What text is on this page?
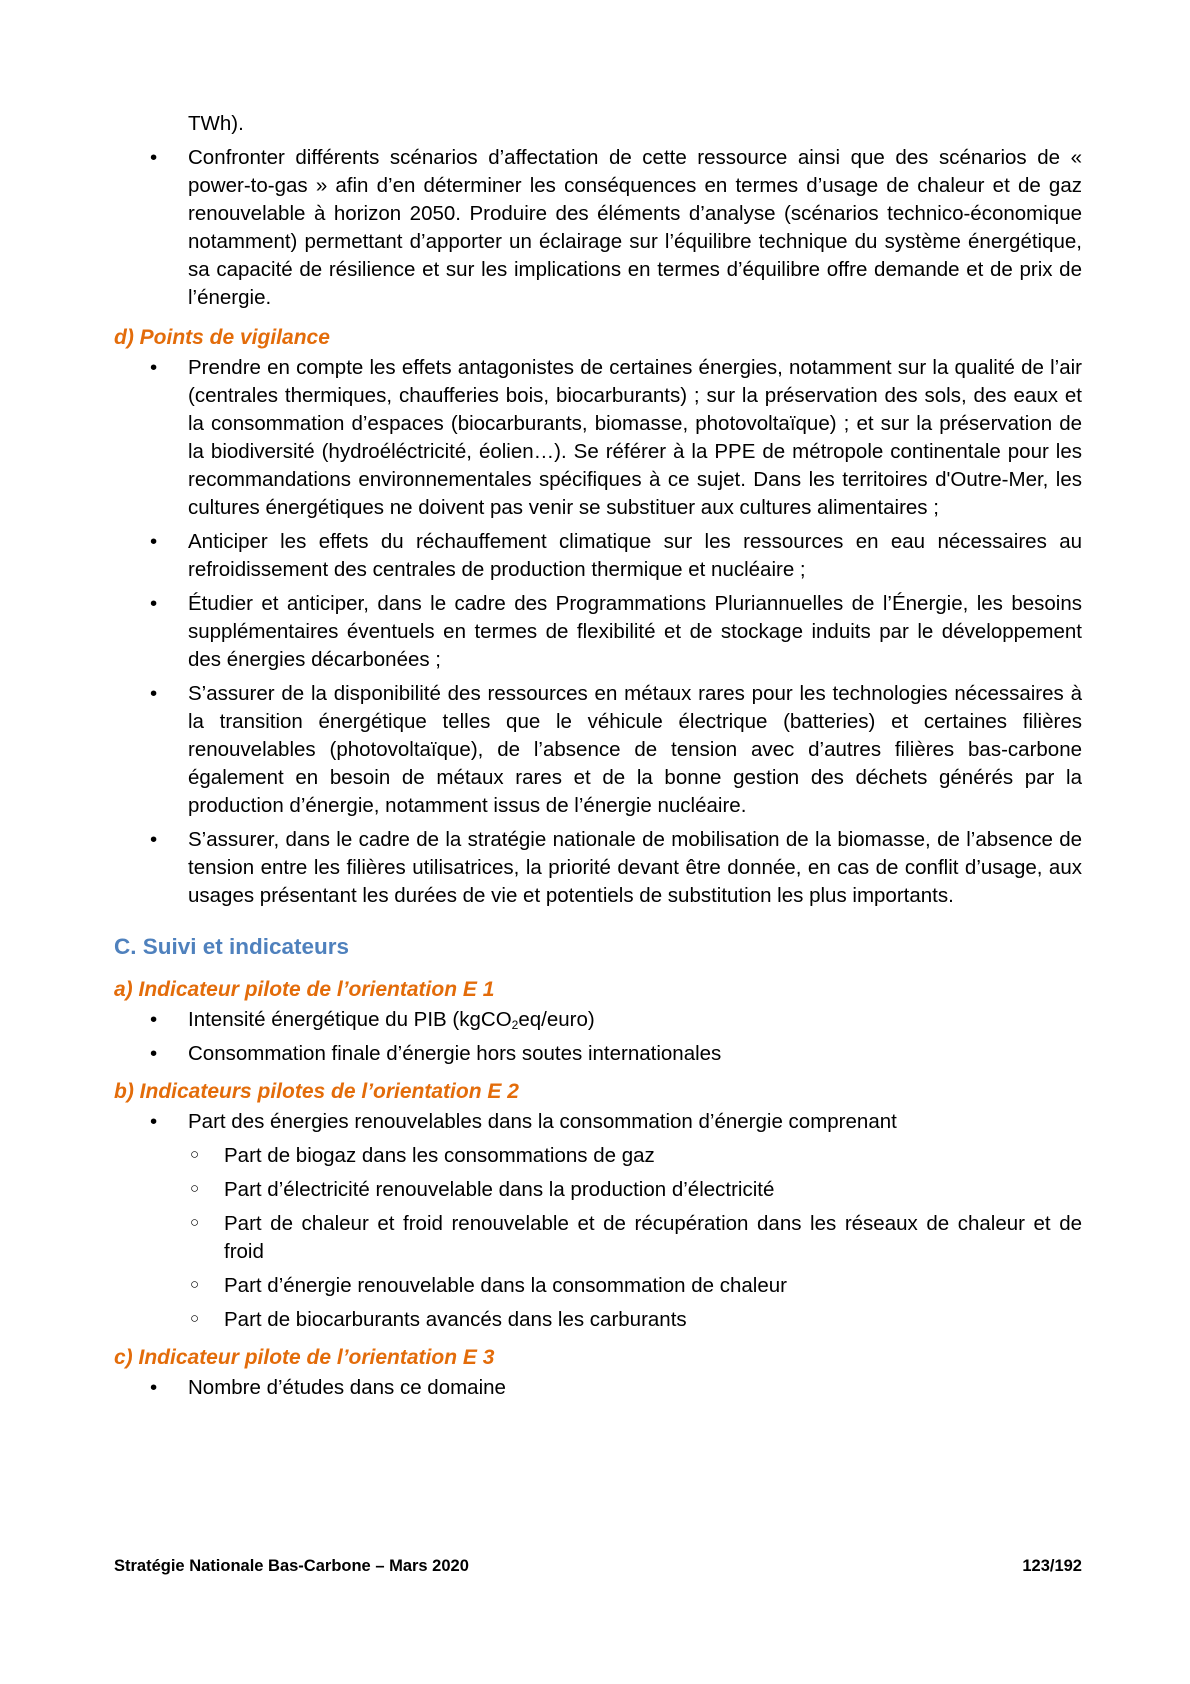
TWh).
• Confronter différents scénarios d’affectation de cette ressource ainsi que des scénarios de « power-to-gas » afin d’en déterminer les conséquences en termes d’usage de chaleur et de gaz renouvelable à horizon 2050. Produire des éléments d’analyse (scénarios technico-économique notamment) permettant d’apporter un éclairage sur l’équilibre technique du système énergétique, sa capacité de résilience et sur les implications en termes d’équilibre offre demande et de prix de l’énergie.
d) Points de vigilance
• Prendre en compte les effets antagonistes de certaines énergies, notamment sur la qualité de l’air (centrales thermiques, chaufferies bois, biocarburants) ; sur la préservation des sols, des eaux et la consommation d’espaces (biocarburants, biomasse, photovoltaïque) ; et sur la préservation de la biodiversité (hydroéléctricité, éolien…). Se référer à la PPE de métropole continentale pour les recommandations environnementales spécifiques à ce sujet. Dans les territoires d'Outre-Mer, les cultures énergétiques ne doivent pas venir se substituer aux cultures alimentaires ;
• Anticiper les effets du réchauffement climatique sur les ressources en eau nécessaires au refroidissement des centrales de production thermique et nucléaire ;
• Étudier et anticiper, dans le cadre des Programmations Pluriannuelles de l’Énergie, les besoins supplémentaires éventuels en termes de flexibilité et de stockage induits par le développement des énergies décarbonées ;
• S’assurer de la disponibilité des ressources en métaux rares pour les technologies nécessaires à la transition énergétique telles que le véhicule électrique (batteries) et certaines filières renouvelables (photovoltaïque), de l’absence de tension avec d’autres filières bas-carbone également en besoin de métaux rares et de la bonne gestion des déchets générés par la production d’énergie, notamment issus de l’énergie nucléaire.
• S’assurer, dans le cadre de la stratégie nationale de mobilisation de la biomasse, de l’absence de tension entre les filières utilisatrices, la priorité devant être donnée, en cas de conflit d’usage, aux usages présentant les durées de vie et potentiels de substitution les plus importants.
C. Suivi et indicateurs
a) Indicateur pilote de l’orientation E 1
• Intensité énergétique du PIB (kgCO$_2$eq/euro)
• Consommation finale d’énergie hors soutes internationales
b) Indicateurs pilotes de l’orientation E 2
• Part des énergies renouvelables dans la consommation d’énergie comprenant
○ Part de biogaz dans les consommations de gaz
○ Part d’électricité renouvelable dans la production d’électricité
○ Part de chaleur et froid renouvelable et de récupération dans les réseaux de chaleur et de froid
○ Part d’énergie renouvelable dans la consommation de chaleur
○ Part de biocarburants avancés dans les carburants
c) Indicateur pilote de l’orientation E 3
• Nombre d’études dans ce domaine
Stratégie Nationale Bas-Carbone – Mars 2020	123/192
